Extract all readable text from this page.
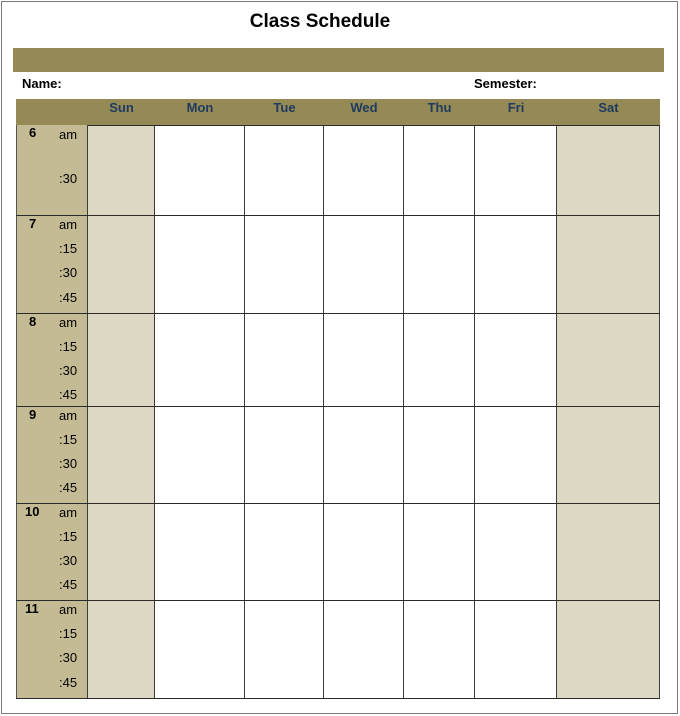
Class Schedule
Name:	Semester:
Sun	Mon	Tue	Wed	Thu	Fri	Sat
6 am
:30
7 am
:15
:30
:45
8 am
:15
:30
:45
9 am
:15
:30
:45
10 am
:15
:30
:45
11 am
:15
:30
:45
